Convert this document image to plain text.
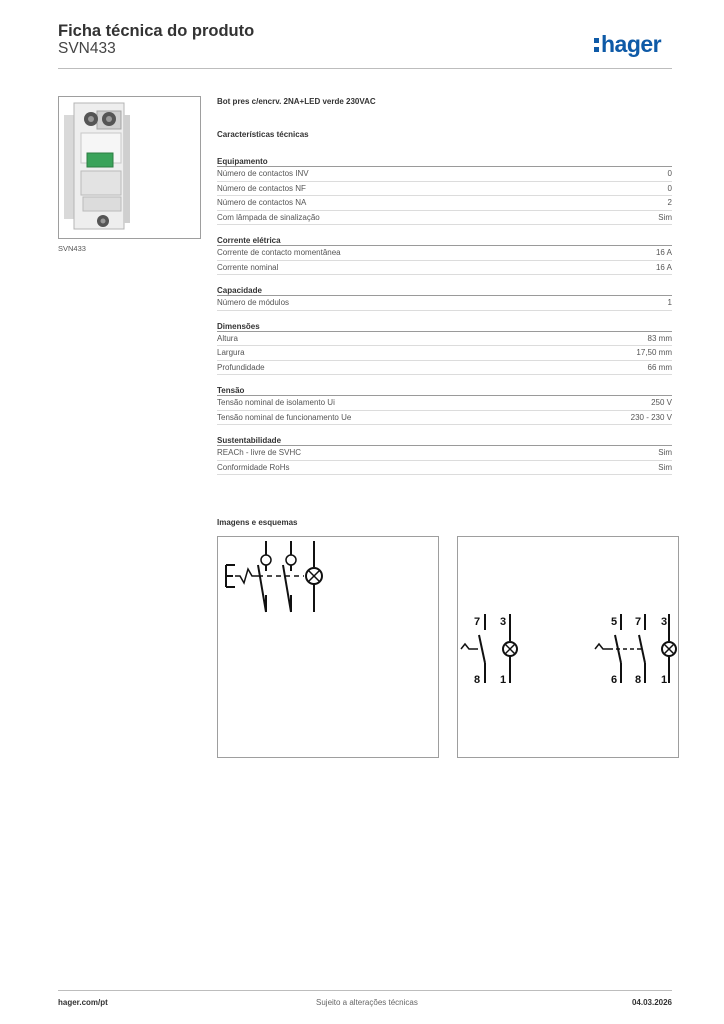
Ficha técnica do produto
SVN433	hager
SVN433
Bot pres c/encrv. 2NA+LED verde 230VAC
Características técnicas
Equipamento
Número de contactos INV	0
Número de contactos NF	0
Número de contactos NA	2
Com lâmpada de sinalização	Sim
Corrente elétrica
Corrente de contacto momentânea	16 A
Corrente nominal	16 A
Capacidade
Número de módulos	1
Dimensões
Altura	83 mm
Largura	17,50 mm
Profundidade	66 mm
Tensão
Tensão nominal de isolamento Ui	250 V
Tensão nominal de funcionamento Ue	230 - 230 V
Sustentabilidade
REACh - livre de SVHC	Sim
Conformidade RoHs	Sim
Imagens e esquemas
7 3
8 1
5 7 3
6 8 1
hager.com/pt	Sujeito a alterações técnicas	04.03.2026
